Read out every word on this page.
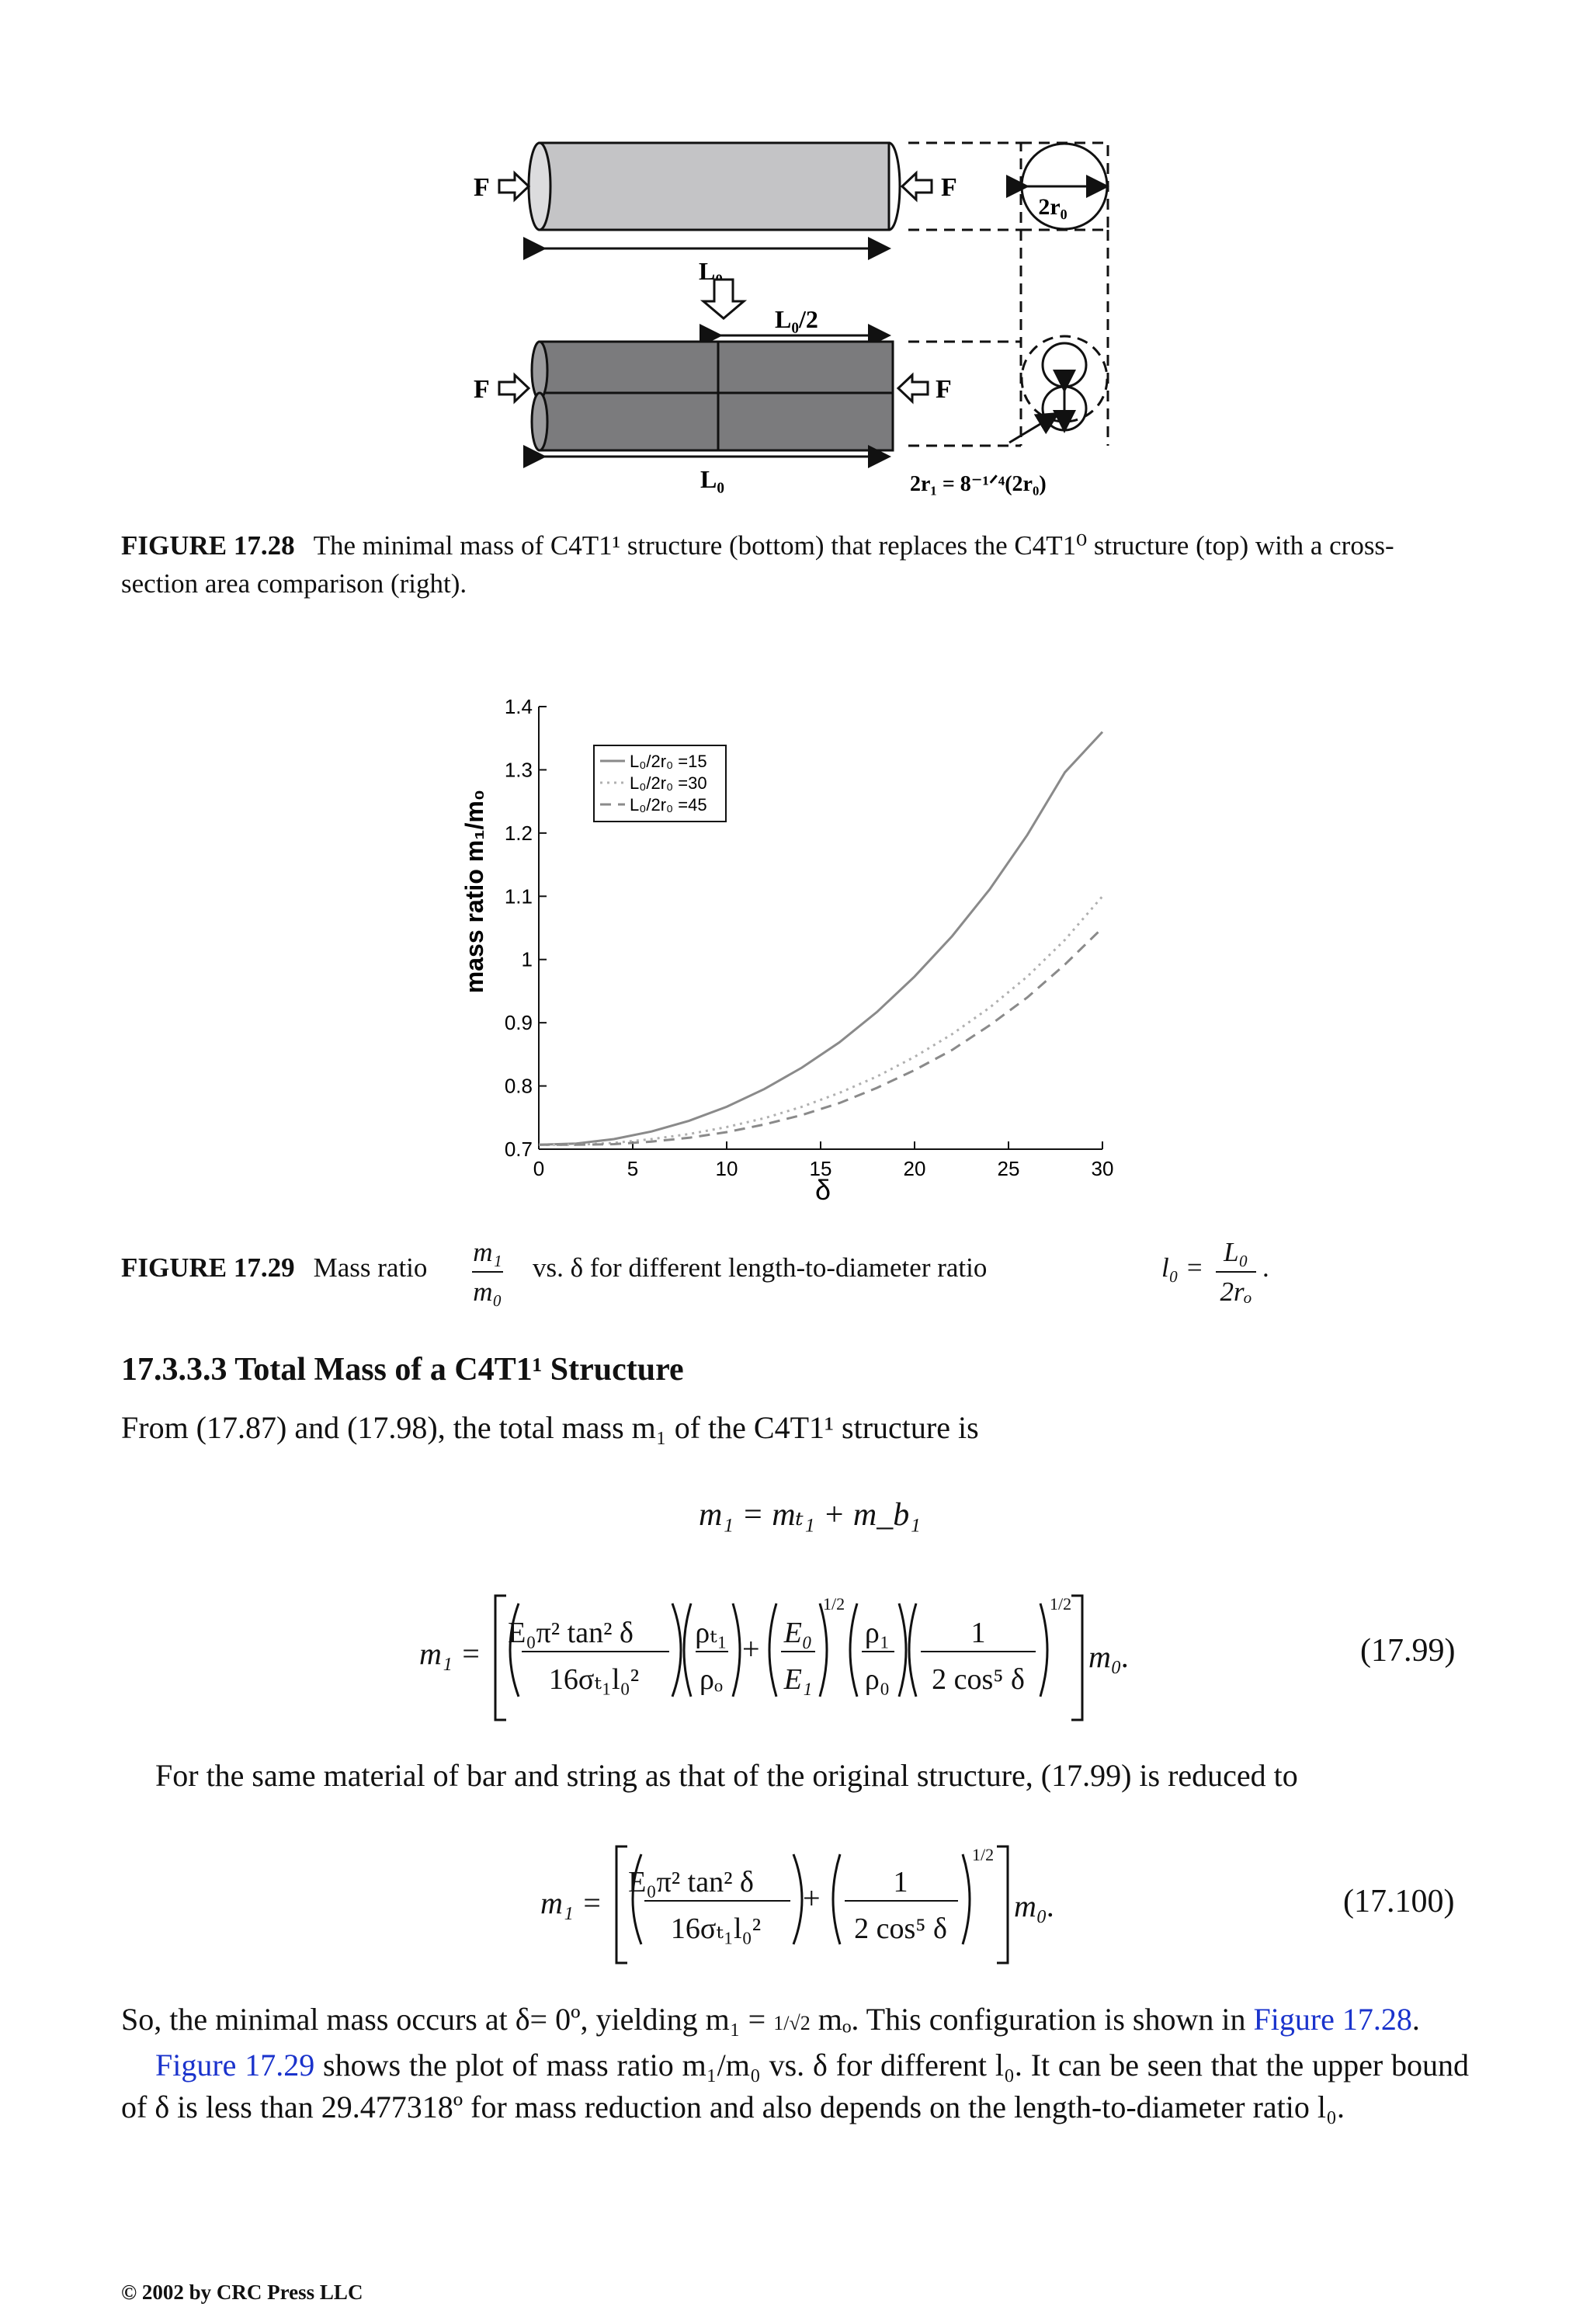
F	F
L₀
L₀/2
F	F
L₀
2r₀
2r₁ = 8⁻¹ᐟ⁴(2r₀)
FIGURE 17.28 The minimal mass of C4T1¹ structure (bottom) that replaces the C4T1⁰ structure (top) with a cross-section area comparison (right).
0.7
0.8
0.9
1
1.1
1.2
1.3
1.4
0	5	10	15	20	25	30
L₀/2r₀ =15
L₀/2r₀ =30
L₀/2r₀ =45
δ
mass ratio m₁/m₀
FIGURE 17.29 Mass ratio $\frac{\text{m₁}}{\text{m₀}}$ vs. δ for different length-to-diameter ratio	$l_0 = \frac{\text{L₀}}{\text{2rₒ}}$ .
17.3.3.3 Total Mass of a C4T1¹ Structure
From (17.87) and (17.98), the total mass m₁ of the C4T1¹ structure is
m₁ = mₜ₁ + m_b₁
m₁ =
E₀π² tan² δ
16σₜ₁l₀²
ρₜ₁
ρₒ
+ E₀
E₁
1/2
ρ₁
ρ₀
1
2 cos⁵ δ
1/2
m₀.	(17.99)
For the same material of bar and string as that of the original structure, (17.99) is reduced to
m₁ =
E₀π² tan² δ
16σₜ₁l₀²
+ 1
2 cos⁵ δ
1/2
m₀.	(17.100)
So, the minimal mass occurs at δ= 0º, yielding m₁ = 1/√2 mₒ. This configuration is shown in Figure 17.28.
Figure 17.29 shows the plot of mass ratio m₁/m₀ vs. δ for different l₀. It can be seen that the upper bound of δ is less than 29.477318º for mass reduction and also depends on the length-to-diameter ratio l₀.
© 2002 by CRC Press LLC
